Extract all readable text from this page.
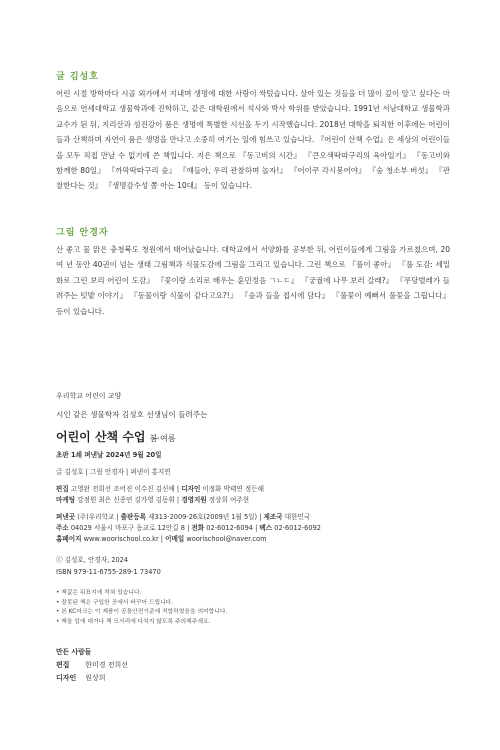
글 김성호

어린 시절 방학마다 시골 외가에서 지내며 생명에 대한 사랑이 싹텄습니다. 살아 있는 것들을 더 많이 깊이 알고 싶다는 마음으로 연세대학교 생물학과에 진학하고, 같은 대학원에서 석사와 박사 학위를 받았습니다. 1991년 서남대학교 생물학과 교수가 된 뒤, 지리산과 섬진강이 품은 생명에 특별한 시선을 두기 시작했습니다. 2018년 대학을 퇴직한 이후에는 어린이들과 산책하며 자연이 품은 생명을 만나고 소중히 여기는 일에 힘쓰고 있습니다. 『어린이 산책 수업』은 세상의 어린이들을 모두 직접 만날 수 없기에 쓴 책입니다. 지은 책으로 『동고비의 시간』 『큰오색딱따구리의 육아일기』 『동고비와 함께한 80일』 『까막딱따구리 숲』 『얘들아, 우리 관찰하며 놀자!』 『어이쿠 각시붕어야』 『숲 청소부 버섯』 『관찰한다는 것』 『생명감수성 쫌 아는 10대』 등이 있습니다.

그림 안경자

산 좋고 물 맑은 충청북도 청원에서 태어났습니다. 대학교에서 서양화를 공부한 뒤, 어린이들에게 그림을 가르쳤으며, 20여 년 동안 40권이 넘는 생태 그림책과 식물도감에 그림을 그리고 있습니다. 그린 책으로 『풀이 좋아』 『풀 도감: 세밀화로 그린 보리 어린이 도감』 『꽃이랑 소리로 배우는 훈민정음 ㄱㄴㄷ』 『궁궐에 나무 보러 갈래?』 『무당벌레가 들려주는 텃밭 이야기』 『동물이랑 식물이 같다고요?!』 『숲과 들을 접시에 담다』 『풀꽃이 예뻐서 풀꽃을 그립니다』 등이 있습니다.

우리학교 어린이 교양
시인 같은 생물학자 김성호 선생님이 들려주는
어린이 산책 수업 봄·여름
초판 1쇄 펴낸날 2024년 9월 20일
글 김성호 | 그림 안경자 | 펴낸이 홍지연
편집 고영완 전희선 조어진 이수진 김신애 | 디자인 이정화 박태연 정든해
마케팅 강점원 최은 신종연 김가영 김동휘 | 경영지원 정상희 여주현
펴낸곳 (주)우리학교 | 출판등록 제313-2009-26호(2009년 1월 5일) | 제조국 대한민국
주소 04029 서울시 마포구 동교로 12안길 8 | 전화 02-6012-6094 | 팩스 02-6012-6092
홈페이지 www.woorischool.co.kr | 이메일 woorischool@naver.com
ⓒ 김성호, 안경자, 2024
ISBN 979-11-6755-289-1 73470
• 책값은 뒤표지에 적혀 있습니다.
• 잘못된 책은 구입한 곳에서 바꾸어 드립니다.
• 본 KC마크는 이 제품이 공통안전기준에 적합하였음을 의미합니다.
• 책을 입에 대거나 책 모서리에 다치지 않도록 주의해주세요.
만든 사람들
편집 한미경 전희선
디자인 원상희
